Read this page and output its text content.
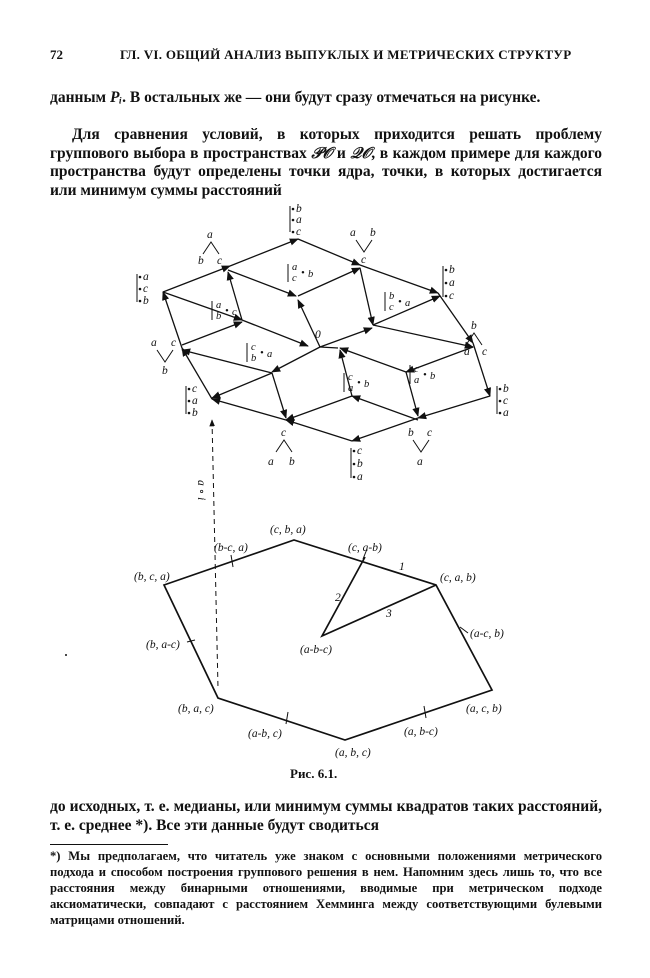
72	ГЛ. VI. ОБЩИЙ АНАЛИЗ ВЫПУКЛЫХ И МЕТРИЧЕСКИХ СТРУКТУР

данным Pᵢ. В остальных же — они будут сразу отмечаться на рисунке.

Для сравнения условий, в которых приходится решать проблему группового выбора в пространствах 𝒫𝒪 и 𝒬𝒪, в каждом примере для каждого пространства будут определены точки ядра, точки, в которых достигается или минимум суммы расстояний

b
a
c
a
b c
a b
c
a
c
b
b
a
c
a
c • b
a
b • c
b
c • a
0
a c
b
c
b • a
b
a c
c
a • b
c
a • b
c
a
b
b
c
a
c
a b
b c
a
c
b
a
a ∘ i
(c, b, a)
(b-c, a)	(c, a-b)
(b, c, a)	(c, a, b)
(b, a-c)
(a-c, b)
(b, a, c)	(a, c, b)
(a-b, c)	(a, b-c)
(a, b, c)
(a-b-c)
1
2
3
Рис. 6.1.

до исходных, т. е. медианы, или минимум суммы квадратов таких расстояний, т. е. среднее *). Все эти данные будут сводиться

*) Мы предполагаем, что читатель уже знаком с основными положениями метрического подхода и способом построения группового решения в нем. Напомним здесь лишь то, что все расстояния между бинарными отношениями, вводимые при метрическом подходе аксиоматически, совпадают с расстоянием Хемминга между соответствующими булевыми матрицами отношений.
